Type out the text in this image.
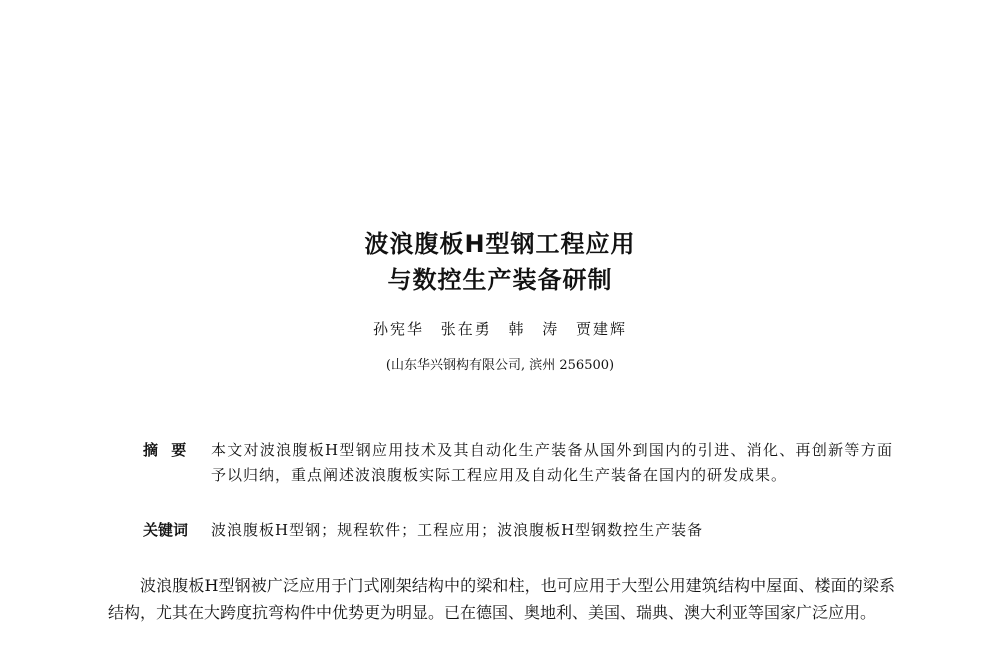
波浪腹板H型钢工程应用
与数控生产装备研制
孙宪华 张在勇 韩 涛 贾建辉
(山东华兴钢构有限公司, 滨州 256500)
摘 要	本文对波浪腹板H型钢应用技术及其自动化生产装备从国外到国内的引进、消化、再创新等方面予以归纳，重点阐述波浪腹板实际工程应用及自动化生产装备在国内的研发成果。
关键词	波浪腹板H型钢；规程软件；工程应用；波浪腹板H型钢数控生产装备
波浪腹板H型钢被广泛应用于门式刚架结构中的梁和柱，也可应用于大型公用建筑结构中屋面、楼面的梁系结构，尤其在大跨度抗弯构件中优势更为明显。已在德国、奥地利、美国、瑞典、澳大利亚等国家广泛应用。
